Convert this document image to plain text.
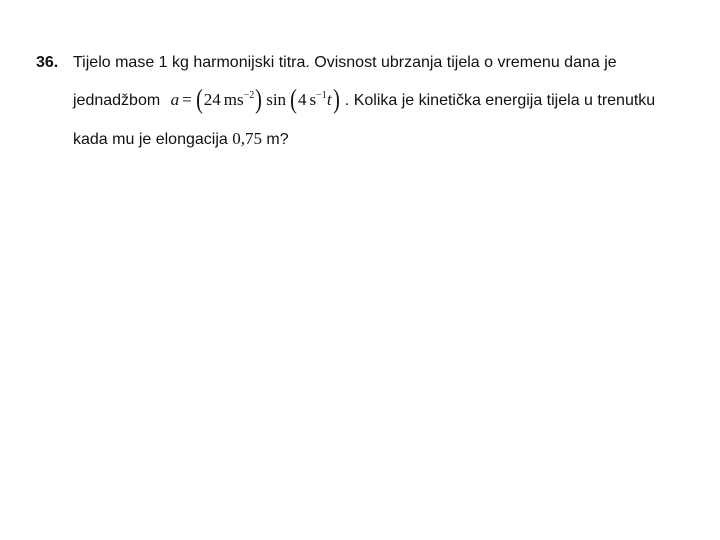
36. Tijelo mase 1 kg harmonijski titra. Ovisnost ubrzanja tijela o vremenu dana je
jednadžbom a = (24 $ms^{-2}$) sin (4 $s^{-1}t$) . Kolika je kinetička energija tijela u trenutku
kada mu je elongacija 0,75 m?
